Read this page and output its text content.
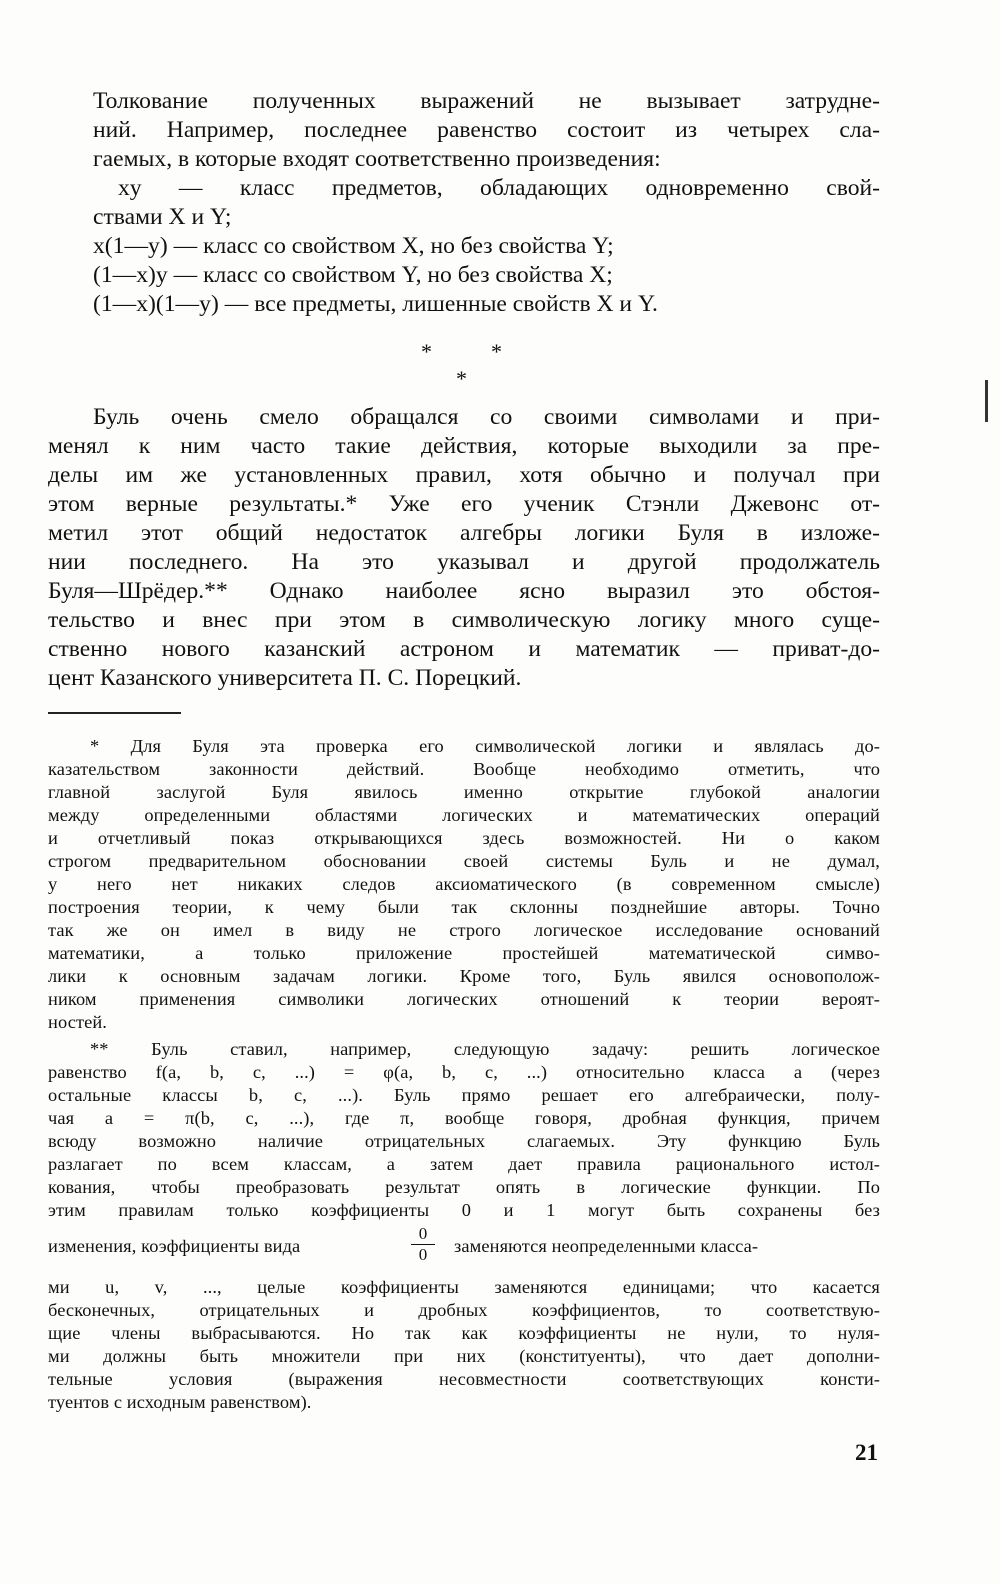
Толкование полученных выражений не вызывает затрудне-
ний. Например, последнее равенство состоит из четырех сла-
гаемых, в которые входят соответственно произведения:
xy — класс предметов, обладающих одновременно свой-
ствами X и Y;
x(1—y) — класс со свойством X, но без свойства Y;
(1—x)y — класс со свойством Y, но без свойства X;
(1—x)(1—y) — все предметы, лишенные свойств X и Y.
*	*
*
Буль очень смело обращался со своими символами и при-
менял к ним часто такие действия, которые выходили за пре-
делы им же установленных правил, хотя обычно и получал при
этом верные результаты.* Уже его ученик Стэнли Джевонс от-
метил этот общий недостаток алгебры логики Буля в изложе-
нии последнего. На это указывал и другой продолжатель
Буля—Шрёдер.** Однако наиболее ясно выразил это обстоя-
тельство и внес при этом в символическую логику много суще-
ственно нового казанский астроном и математик — приват-до-
цент Казанского университета П. С. Порецкий.
* Для Буля эта проверка его символической логики и являлась до-
казательством законности действий. Вообще необходимо отметить, что
главной заслугой Буля явилось именно открытие глубокой аналогии
между определенными областями логических и математических операций
и отчетливый показ открывающихся здесь возможностей. Ни о каком
строгом предварительном обосновании своей системы Буль и не думал,
у него нет никаких следов аксиоматического (в современном смысле)
построения теории, к чему были так склонны позднейшие авторы. Точно
так же он имел в виду не строго логическое исследование оснований
математики, а только приложение простейшей математической симво-
лики к основным задачам логики. Кроме того, Буль явился основополож-
ником применения символики логических отношений к теории вероят-
ностей.
** Буль ставил, например, следующую задачу: решить логическое
равенство f(a, b, c, ...) = φ(a, b, c, ...) относительно класса a (через
остальные классы b, c, ...). Буль прямо решает его алгебраически, полу-
чая a = π(b, c, ...), где π, вообще говоря, дробная функция, причем
всюду возможно наличие отрицательных слагаемых. Эту функцию Буль
разлагает по всем классам, а затем дает правила рационального истол-
кования, чтобы преобразовать результат опять в логические функции. По
этим правилам только коэффициенты 0 и 1 могут быть сохранены без
изменения, коэффициенты вида
0
0	заменяются неопределенными класса-
ми u, v, ..., целые коэффициенты заменяются единицами; что касается
бесконечных, отрицательных и дробных коэффициентов, то соответствую-
щие члены выбрасываются. Но так как коэффициенты не нули, то нуля-
ми должны быть множители при них (конституенты), что дает дополни-
тельные условия (выражения несовместности соответствующих консти-
туентов с исходным равенством).
21
